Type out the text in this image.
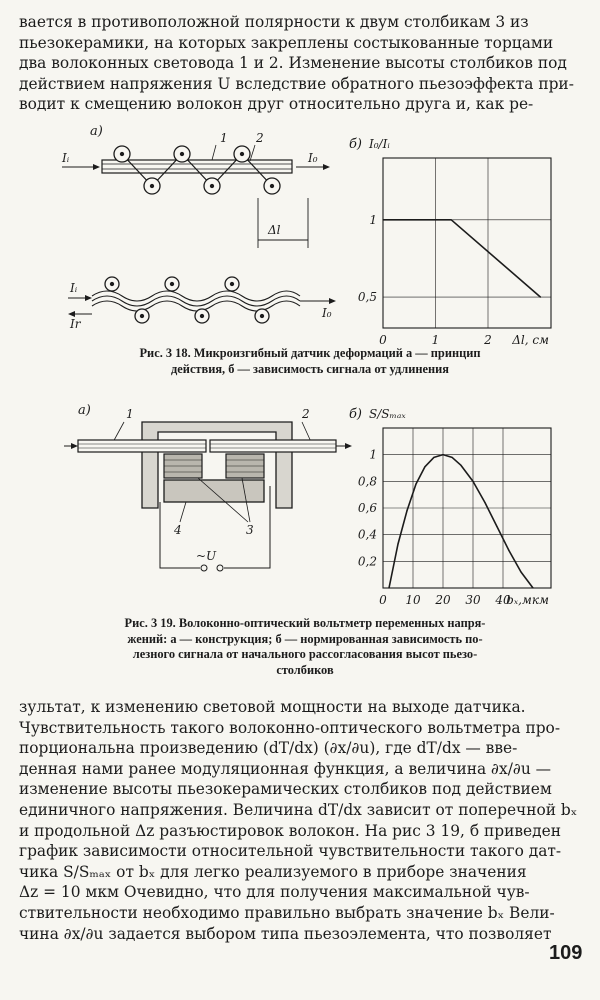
вается в противоположной полярности к двум столбикам 3 из
пьезокерамики, на которых закреплены состыкованные торцами
два волоконных световода 1 и 2. Изменение высоты столбиков под
действием напряжения U вследствие обратного пьезоэффекта при-
водит к смещению волокон друг относительно друга и, как ре-

а)	1 2
Iᵢ	I₀
Δl
Iᵢ
Ir
I₀
0	1	2
1
0,5
б) I₀/Iᵢ
Δl, см

Рис. 3 18. Микроизгибный датчик деформаций а — принцип
действия, б — зависимость сигнала от удлинения

а)	1	2
4	3
~U
0 10 20 30 40
0,2
0,4
0,6
0,8
1
б) S/Sₘₐₓ
bₓ,мкм

Рис. 3 19. Волоконно-оптический вольтметр переменных напря-
жений: а — конструкция; б — нормированная зависимость по-
лезного сигнала от начального рассогласования высот пьезо-
столбиков

зультат, к изменению световой мощности на выходе датчика.
Чувствительность такого волоконно-оптического вольтметра про-
порциональна произведению (dT/dx) (∂x/∂u), где dT/dx — вве-
денная нами ранее модуляционная функция, а величина ∂x/∂u —
изменение высоты пьезокерамических столбиков под действием
единичного напряжения. Величина dT/dx зависит от поперечной bₓ
и продольной Δz разъюстировок волокон. На рис 3 19, б приведен
график зависимости относительной чувствительности такого дат-
чика S/Sₘₐₓ от bₓ для легко реализуемого в приборе значения
Δz = 10 мкм Очевидно, что для получения максимальной чув-
ствительности необходимо правильно выбрать значение bₓ Вели-
чина ∂x/∂u задается выбором типа пьезоэлемента, что позволяет

109
